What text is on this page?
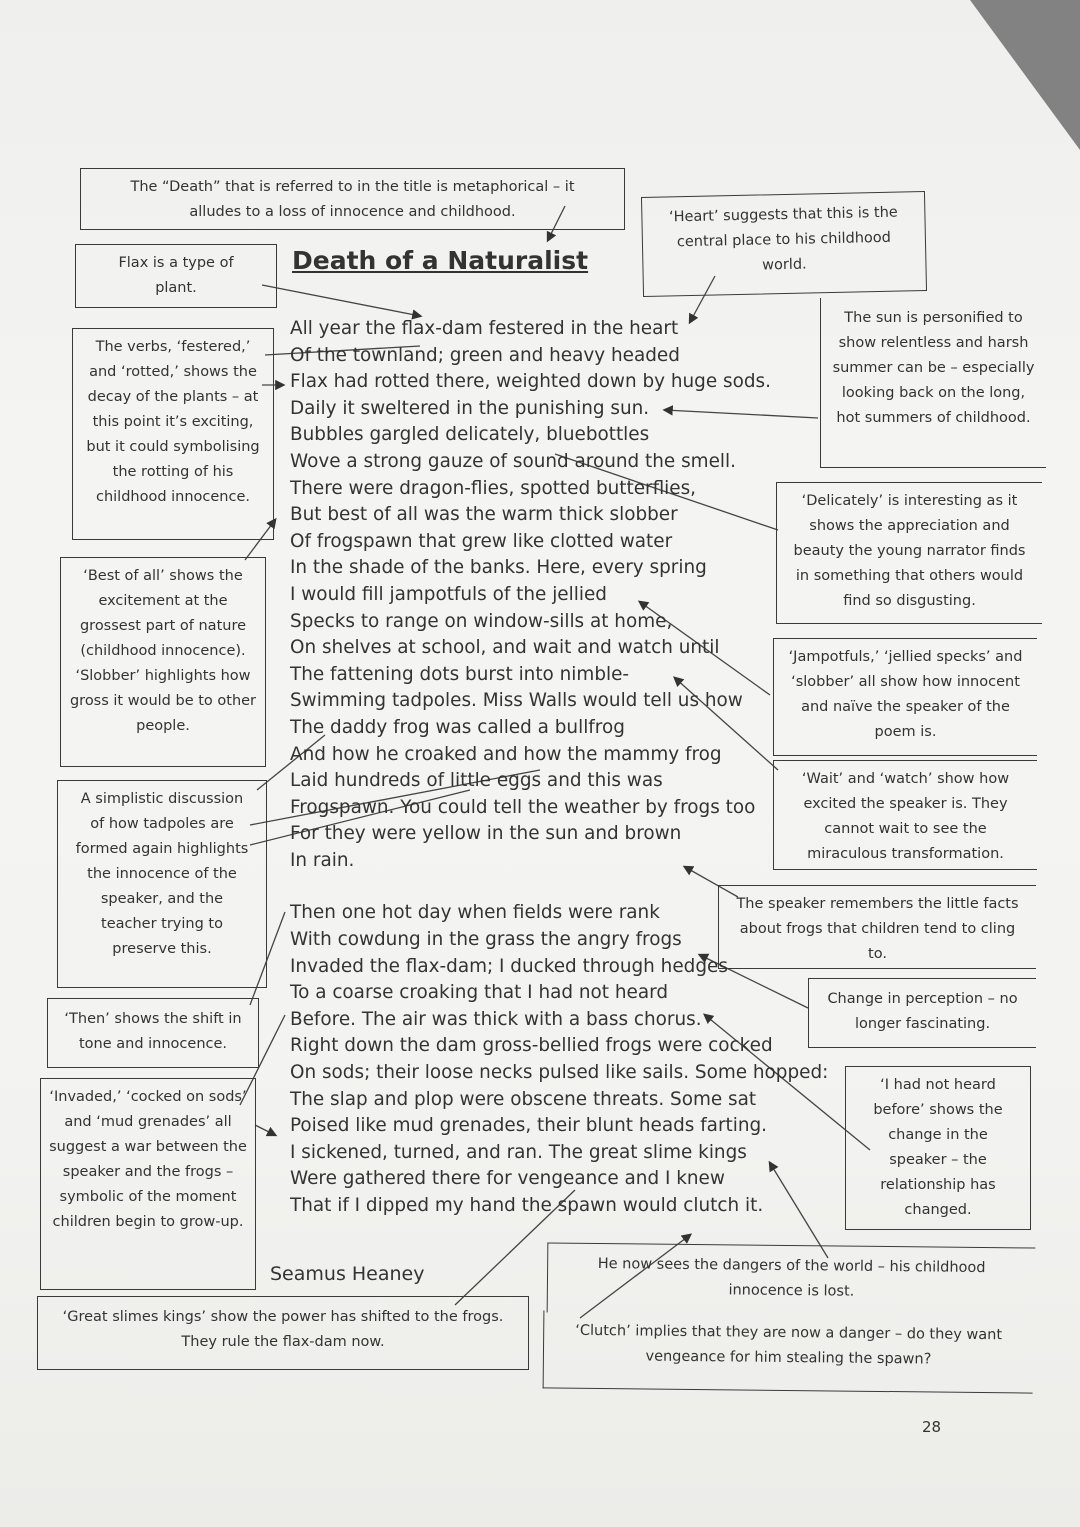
The “Death” that is referred to in the title is metaphorical – it alludes to a loss of innocence and childhood.
Flax is a type of plant.
‘Heart’ suggests that this is the central place to his childhood world.
The verbs, ‘festered,’ and ‘rotted,’ shows the decay of the plants – at this point it’s exciting, but it could symbolising the rotting of his childhood innocence.
The sun is personified to show relentless and harsh summer can be – especially looking back on the long, hot summers of childhood.
‘Delicately’ is interesting as it shows the appreciation and beauty the young narrator finds in something that others would find so disgusting.
‘Best of all’ shows the excitement at the grossest part of nature (childhood innocence). ‘Slobber’ highlights how gross it would be to other people.
‘Jampotfuls,’ ‘jellied specks’ and ‘slobber’ all show how innocent and naïve the speaker of the poem is.
‘Wait’ and ‘watch’ show how excited the speaker is. They cannot wait to see the miraculous transformation.
A simplistic discussion of how tadpoles are formed again highlights the innocence of the speaker, and the teacher trying to preserve this.
The speaker remembers the little facts about frogs that children tend to cling to.
Change in perception – no longer fascinating.
‘Then’ shows the shift in tone and innocence.
‘Invaded,’ ‘cocked on sods’ and ‘mud grenades’ all suggest a war between the speaker and the frogs – symbolic of the moment children begin to grow-up.
‘I had not heard before’ shows the change in the speaker – the relationship has changed.
He now sees the dangers of the world – his childhood innocence is lost.
‘Clutch’ implies that they are now a danger – do they want vengeance for him stealing the spawn?
‘Great slimes kings’ show the power has shifted to the frogs. They rule the flax-dam now.
Death of a Naturalist
All year the flax-dam festered in the heart
Of the townland; green and heavy headed
Flax had rotted there, weighted down by huge sods.
Daily it sweltered in the punishing sun.
Bubbles gargled delicately, bluebottles
Wove a strong gauze of sound around the smell.
There were dragon-flies, spotted butterflies,
But best of all was the warm thick slobber
Of frogspawn that grew like clotted water
In the shade of the banks. Here, every spring
I would fill jampotfuls of the jellied
Specks to range on window-sills at home,
On shelves at school, and wait and watch until
The fattening dots burst into nimble-
Swimming tadpoles. Miss Walls would tell us how
The daddy frog was called a bullfrog
And how he croaked and how the mammy frog
Laid hundreds of little eggs and this was
Frogspawn. You could tell the weather by frogs too
For they were yellow in the sun and brown
In rain.
Then one hot day when fields were rank
With cowdung in the grass the angry frogs
Invaded the flax-dam; I ducked through hedges
To a coarse croaking that I had not heard
Before. The air was thick with a bass chorus.
Right down the dam gross-bellied frogs were cocked
On sods; their loose necks pulsed like sails. Some hopped:
The slap and plop were obscene threats. Some sat
Poised like mud grenades, their blunt heads farting.
I sickened, turned, and ran. The great slime kings
Were gathered there for vengeance and I knew
That if I dipped my hand the spawn would clutch it.
Seamus Heaney
28
